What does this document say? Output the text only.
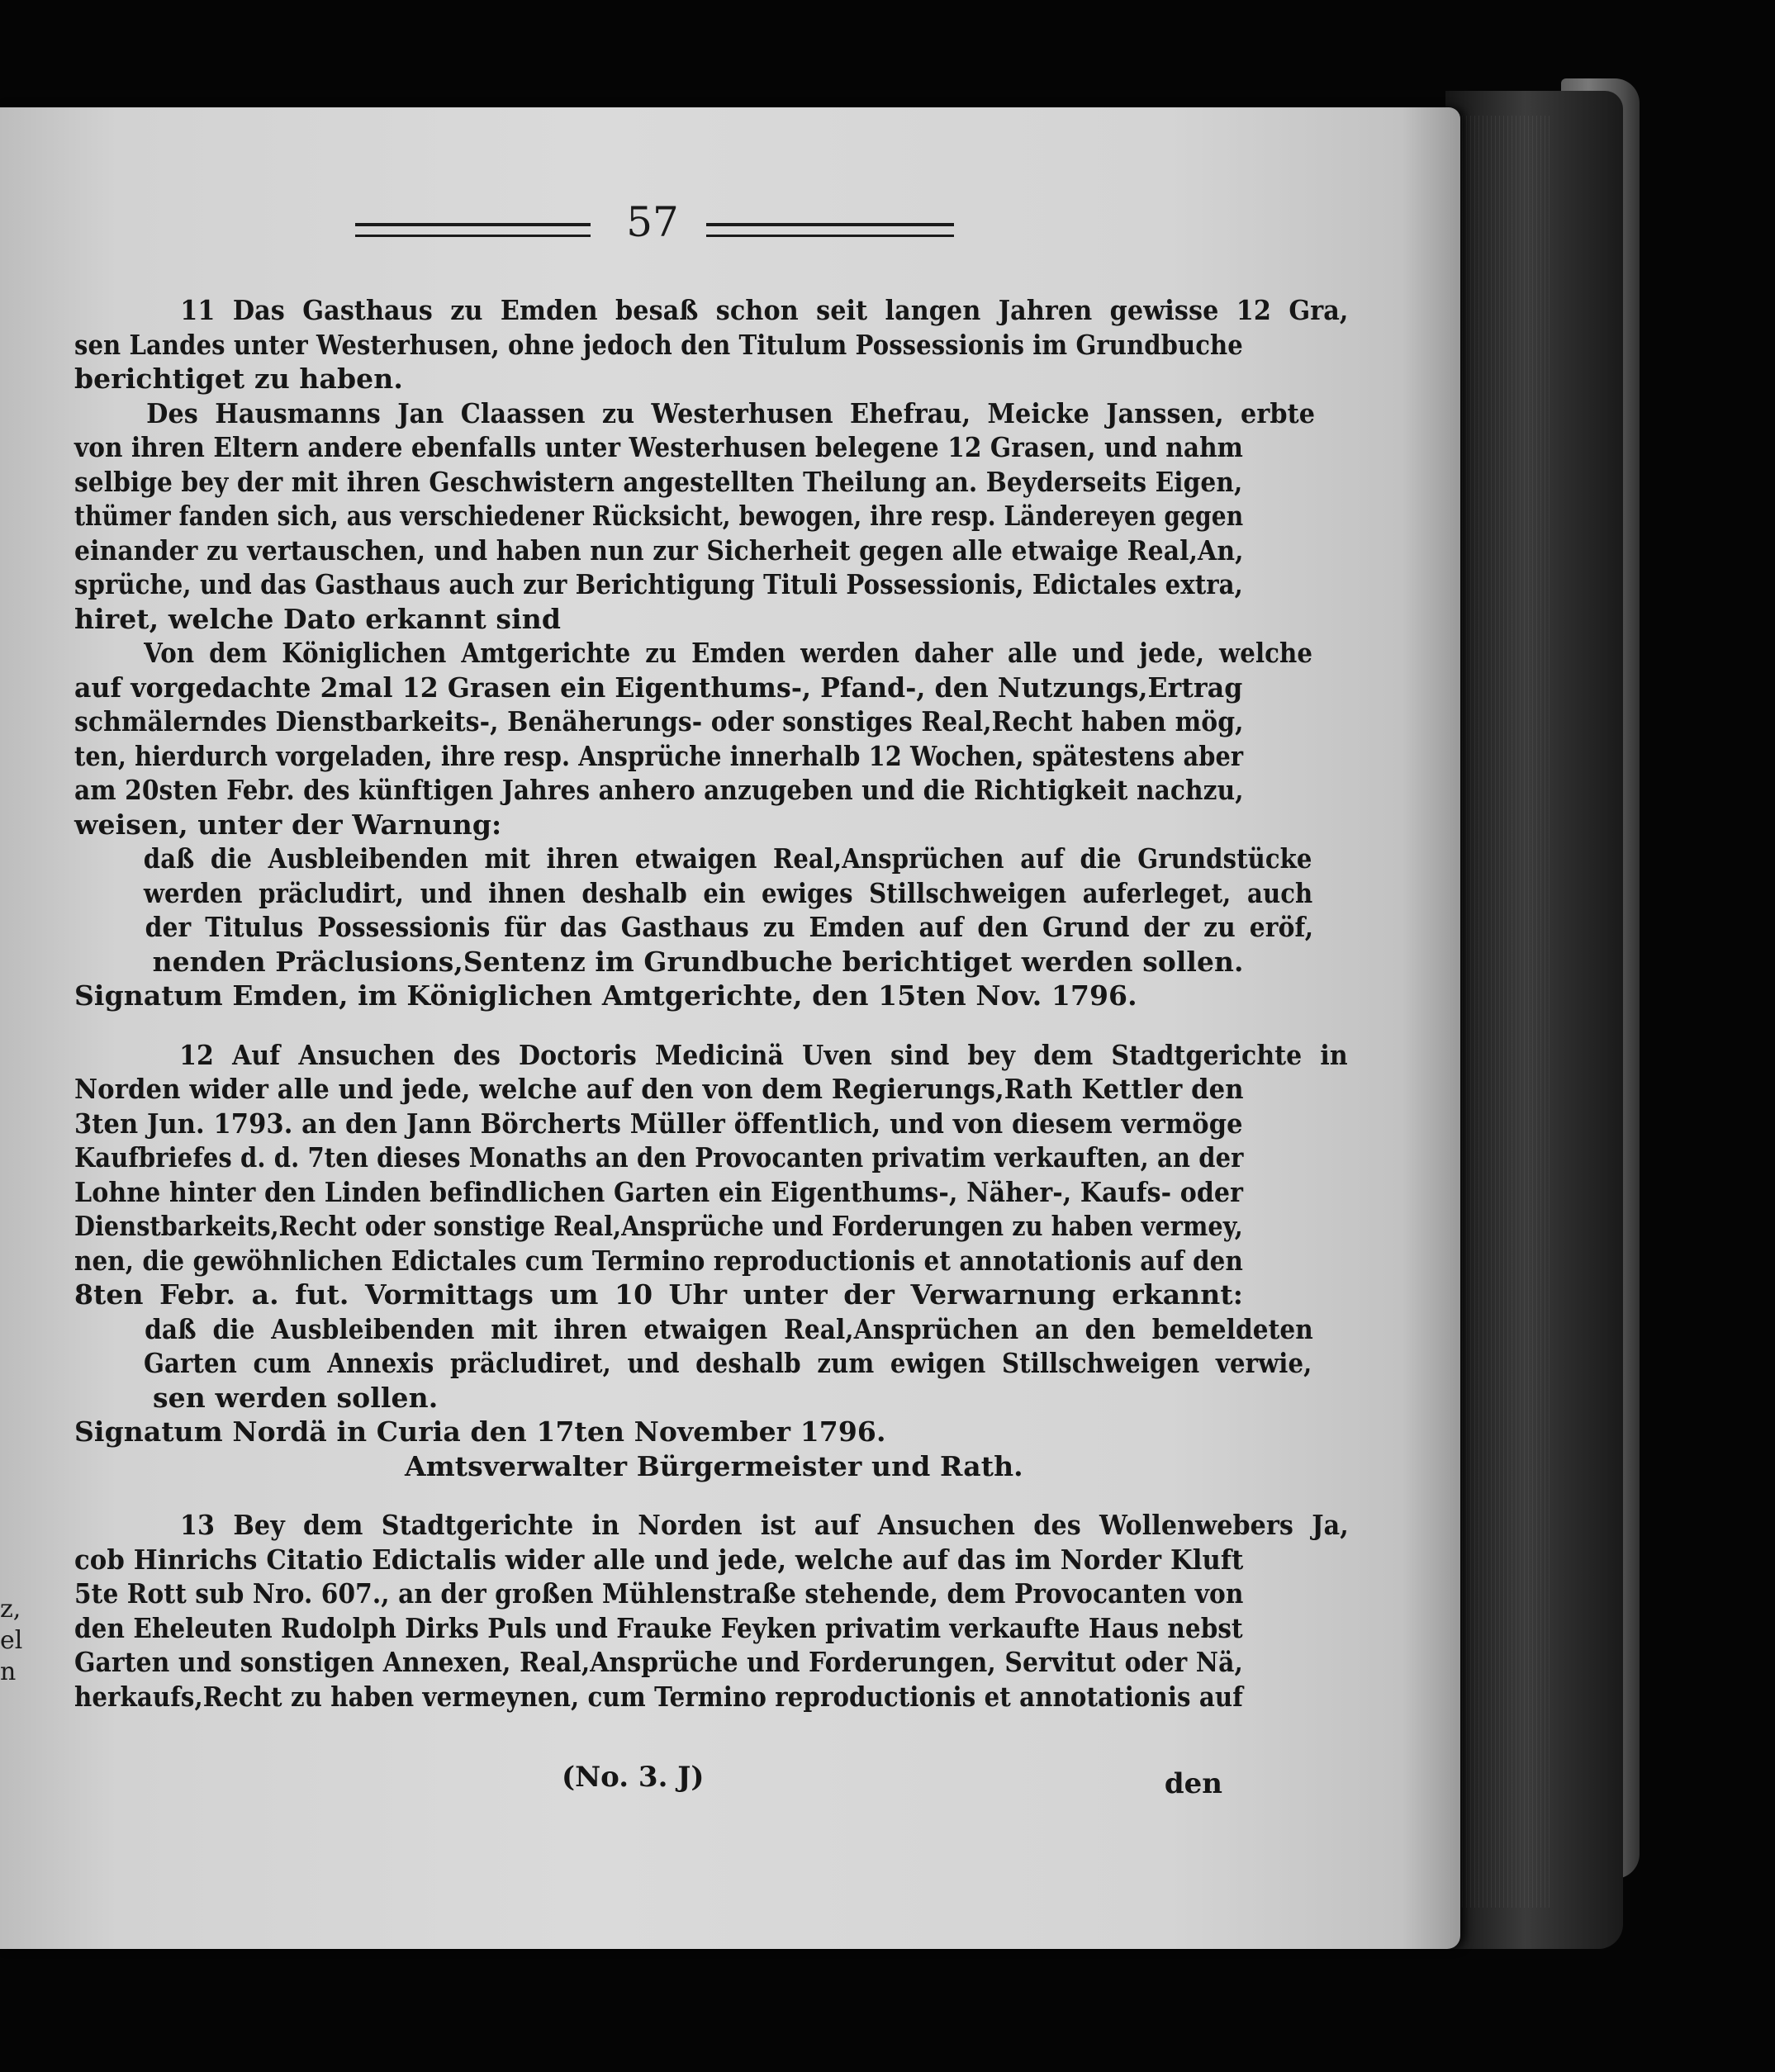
z,
el
n
57
11 Das Gasthaus zu Emden besaß schon seit langen Jahren gewisse 12 Gra,
sen Landes unter Westerhusen, ohne jedoch den Titulum Possessionis im Grundbuche
berichtiget zu haben.
Des Hausmanns Jan Claassen zu Westerhusen Ehefrau, Meicke Janssen, erbte
von ihren Eltern andere ebenfalls unter Westerhusen belegene 12 Grasen, und nahm
selbige bey der mit ihren Geschwistern angestellten Theilung an. Beyderseits Eigen,
thümer fanden sich, aus verschiedener Rücksicht, bewogen, ihre resp. Ländereyen gegen
einander zu vertauschen, und haben nun zur Sicherheit gegen alle etwaige Real,An,
sprüche, und das Gasthaus auch zur Berichtigung Tituli Possessionis, Edictales extra,
hiret, welche Dato erkannt sind
Von dem Königlichen Amtgerichte zu Emden werden daher alle und jede, welche
auf vorgedachte 2mal 12 Grasen ein Eigenthums-, Pfand-, den Nutzungs,Ertrag
schmälerndes Dienstbarkeits-, Benäherungs- oder sonstiges Real,Recht haben mög,
ten, hierdurch vorgeladen, ihre resp. Ansprüche innerhalb 12 Wochen, spätestens aber
am 20sten Febr. des künftigen Jahres anhero anzugeben und die Richtigkeit nachzu,
weisen, unter der Warnung:
daß die Ausbleibenden mit ihren etwaigen Real,Ansprüchen auf die Grundstücke
werden präcludirt, und ihnen deshalb ein ewiges Stillschweigen auferleget, auch
der Titulus Possessionis für das Gasthaus zu Emden auf den Grund der zu eröf,
nenden Präclusions,Sentenz im Grundbuche berichtiget werden sollen.
Signatum Emden, im Königlichen Amtgerichte, den 15ten Nov. 1796.
12 Auf Ansuchen des Doctoris Medicinä Uven sind bey dem Stadtgerichte in
Norden wider alle und jede, welche auf den von dem Regierungs,Rath Kettler den
3ten Jun. 1793. an den Jann Börcherts Müller öffentlich, und von diesem vermöge
Kaufbriefes d. d. 7ten dieses Monaths an den Provocanten privatim verkauften, an der
Lohne hinter den Linden befindlichen Garten ein Eigenthums-, Näher-, Kaufs- oder
Dienstbarkeits,Recht oder sonstige Real,Ansprüche und Forderungen zu haben vermey,
nen, die gewöhnlichen Edictales cum Termino reproductionis et annotationis auf den
8ten Febr. a. fut. Vormittags um 10 Uhr unter der Verwarnung erkannt:
daß die Ausbleibenden mit ihren etwaigen Real,Ansprüchen an den bemeldeten
Garten cum Annexis präcludiret, und deshalb zum ewigen Stillschweigen verwie,
sen werden sollen.
Signatum Nordä in Curia den 17ten November 1796.
Amtsverwalter Bürgermeister und Rath.
13 Bey dem Stadtgerichte in Norden ist auf Ansuchen des Wollenwebers Ja,
cob Hinrichs Citatio Edictalis wider alle und jede, welche auf das im Norder Kluft
5te Rott sub Nro. 607., an der großen Mühlenstraße stehende, dem Provocanten von
den Eheleuten Rudolph Dirks Puls und Frauke Feyken privatim verkaufte Haus nebst
Garten und sonstigen Annexen, Real,Ansprüche und Forderungen, Servitut oder Nä,
herkaufs,Recht zu haben vermeynen, cum Termino reproductionis et annotationis auf
(No. 3. J)	den
